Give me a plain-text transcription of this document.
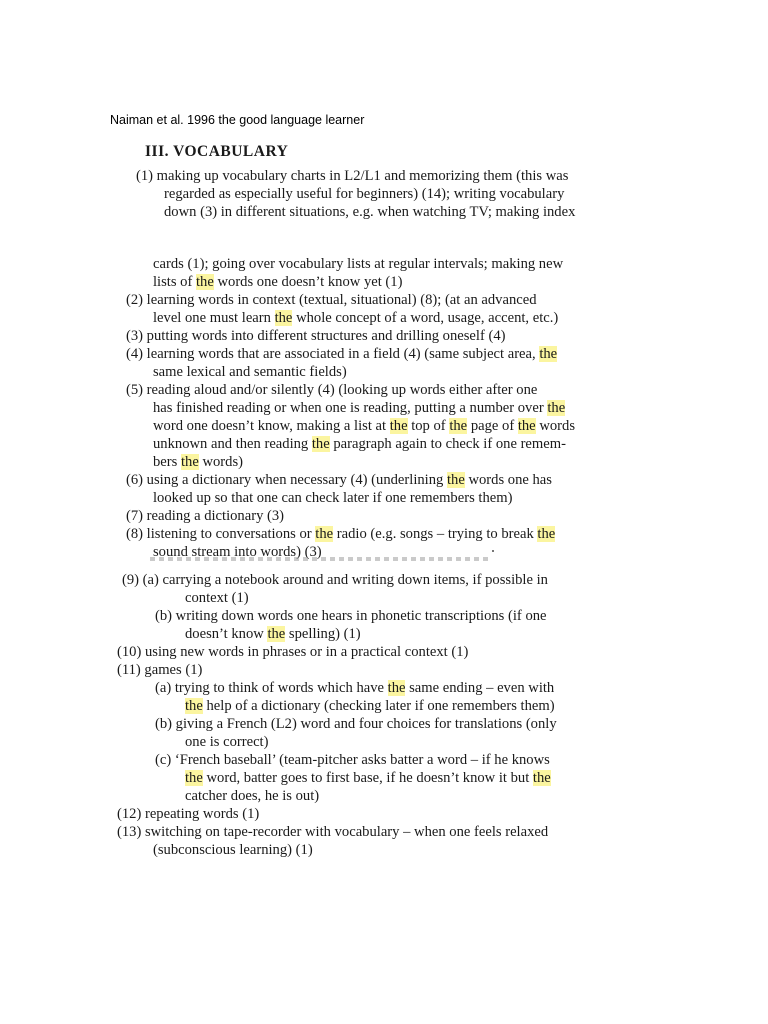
Naiman et al. 1996 the good language learner
III. VOCABULARY
(1) making up vocabulary charts in L2/L1 and memorizing them (this was
regarded as especially useful for beginners) (14); writing vocabulary
down (3) in different situations, e.g. when watching TV; making index
cards (1); going over vocabulary lists at regular intervals; making new
lists of the words one doesn’t know yet (1)
(2) learning words in context (textual, situational) (8); (at an advanced
level one must learn the whole concept of a word, usage, accent, etc.)
(3) putting words into different structures and drilling oneself (4)
(4) learning words that are associated in a field (4) (same subject area, the
same lexical and semantic fields)
(5) reading aloud and/or silently (4) (looking up words either after one
has finished reading or when one is reading, putting a number over the
word one doesn’t know, making a list at the top of the page of the words
unknown and then reading the paragraph again to check if one remem-
bers the words)
(6) using a dictionary when necessary (4) (underlining the words one has
looked up so that one can check later if one remembers them)
(7) reading a dictionary (3)
(8) listening to conversations or the radio (e.g. songs – trying to break the
sound stream into words) (3)
(9) (a) carrying a notebook around and writing down items, if possible in
context (1)
(b) writing down words one hears in phonetic transcriptions (if one
doesn’t know the spelling) (1)
(10) using new words in phrases or in a practical context (1)
(11) games (1)
(a) trying to think of words which have the same ending – even with
the help of a dictionary (checking later if one remembers them)
(b) giving a French (L2) word and four choices for translations (only
one is correct)
(c) ‘French baseball’ (team-pitcher asks batter a word – if he knows
the word, batter goes to first base, if he doesn’t know it but the
catcher does, he is out)
(12) repeating words (1)
(13) switching on tape-recorder with vocabulary – when one feels relaxed
(subconscious learning) (1)
